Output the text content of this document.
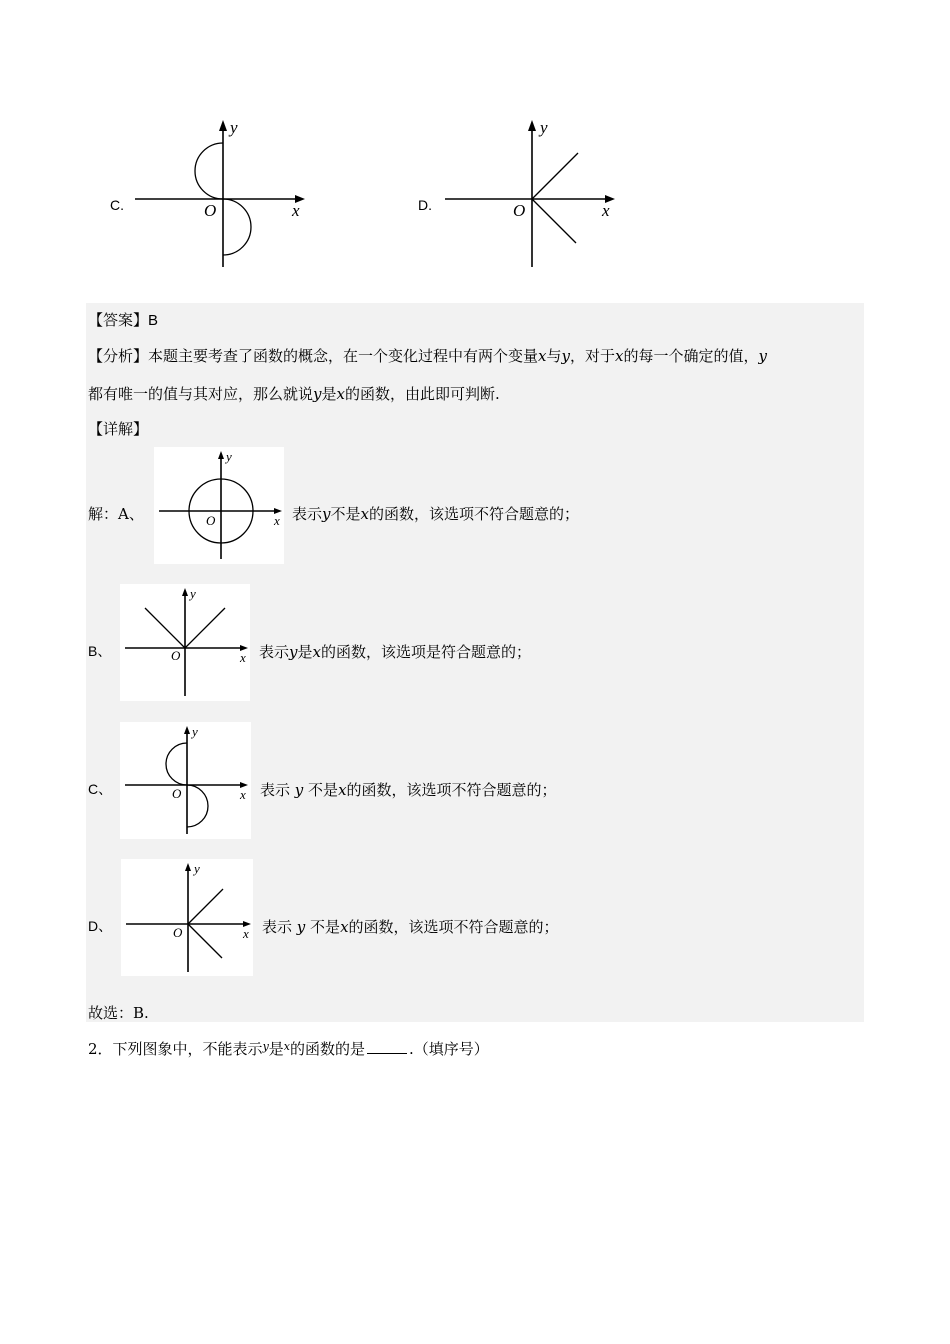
C.
y
x
O	D.
y
x
O
【答案】B
【分析】本题主要考查了函数的概念，在一个变化过程中有两个变量x与y，对于x的每一个确定的值，y
都有唯一的值与其对应，那么就说y是x的函数，由此即可判断.
【详解】
解：A、
y
x
O	表示y不是x的函数，该选项不符合题意的；
B、
y
x
O	表示y是x的函数，该选项是符合题意的；
C、
y
x
O	表示 y 不是x的函数，该选项不符合题意的；
D、
y
x
O	表示 y 不是x的函数，该选项不符合题意的；
故选：B.
2．下列图象中，不能表示$^y$是$^x$的函数的是	.（填序号）
